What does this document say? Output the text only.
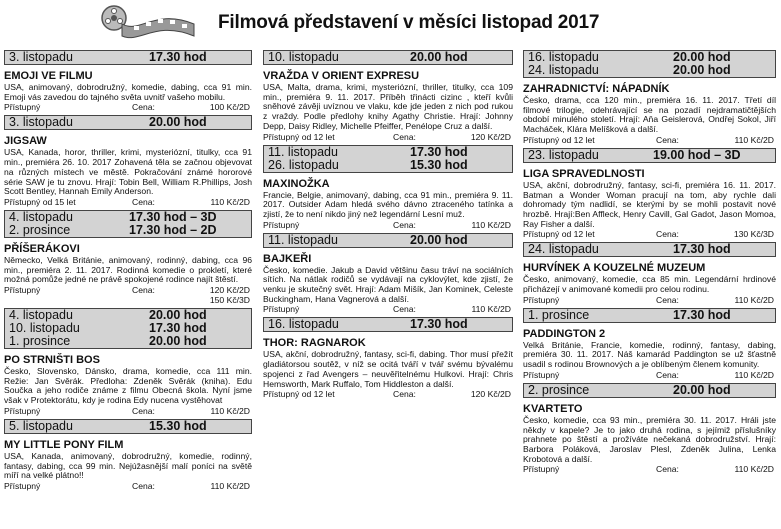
Filmová představení v měsíci listopad 2017
3. listopadu	17.30 hod
EMOJI VE FILMU
USA, animovaný, dobrodružný, komedie, dabing, cca 91 min. Emoji vás zavedou do tajného světa uvnitř vašeho mobilu.
Přístupný	Cena:	100 Kč/2D
3. listopadu	20.00 hod
JIGSAW
USA, Kanada, horor, thriller, krimi, mysteriózní, titulky, cca 91 min., premiéra 26. 10. 2017 Zohavená těla se začnou objevovat na různých místech ve městě. Pokračování známé hororové série SAW je tu znovu. Hrají: Tobin Bell, William R.Phillips, Josh Scott Bentley, Hannah Emily Anderson.
Přístupný od 15 let	Cena:	110 Kč/2D
4. listopadu	17.30 hod – 3D
2. prosince	17.30 hod – 2D
PŘÍŠERÁKOVI
Německo, Velká Británie, animovaný, rodinný, dabing, cca 96 min., premiéra 2. 11. 2017. Rodinná komedie o prokletí, které možná pomůže jedné ne právě spokojené rodince najít štěstí.
Přístupný	Cena:	120 Kč/2D
150 Kč/3D
4. listopadu	20.00 hod
10. listopadu	17.30 hod
1. prosince	20.00 hod
PO STRNIŠTI BOS
Česko, Slovensko, Dánsko, drama, komedie, cca 111 min. Režie: Jan Svěrák. Předloha: Zdeněk Svěrák (kniha). Edu Součka a jeho rodiče známe z filmu Obecná škola. Nyní jsme však v Protektorátu, kdy je rodina Edy nucena vystěhovat
Přístupný	Cena:	110 Kč/2D
5. listopadu	15.30 hod
MY LITTLE PONY FILM
USA, Kanada, animovaný, dobrodružný, komedie, rodinný, fantasy, dabing, cca 99 min. Nejúžasnější malí poníci na světě míří na velké plátno!!
Přístupný	Cena:	110 Kč/2D
10. listopadu	20.00 hod
VRAŽDA V ORIENT EXPRESU
USA, Malta, drama, krimi, mysteriózní, thriller, titulky, cca 109 min., premiéra 9. 11. 2017. Příběh třinácti cizinc , kteří kvůli sněhové závěji uvíznou ve vlaku, kde jde jeden z nich pod rukou z vraždy. Podle předlohy knihy Agathy Christie. Hrají: Johnny Depp, Daisy Ridley, Michelle Pfeiffer, Penélope Cruz a další.
Přístupný od 12 let	Cena:	120 Kč/2D
11. listopadu	17.30 hod
26. listopadu	15.30 hod
MAXINOŽKA
Francie, Belgie, animovaný, dabing, cca 91 min., premiéra 9. 11. 2017. Outsider Adam hledá svého dávno ztraceného tatínka a zjistí, že to není nikdo jiný než legendární Lesní muž.
Přístupný	Cena:	110 Kč/2D
11. listopadu	20.00 hod
BAJKEŘI
Česko, komedie. Jakub a David většinu času tráví na sociálních sítích. Na nátlak rodičů se vydávají na cyklovýlet, kde zjistí, že venku je skutečný svět. Hrají: Adam Mišík, Jan Kominek, Celeste Buckingham, Hana Vagnerová a další.
Přístupný	Cena:	110 Kč/2D
16. listopadu	17.30 hod
THOR: RAGNAROK
USA, akční, dobrodružný, fantasy, sci-fi, dabing. Thor musí přežít gladiátorsou soutěž, v níž se ocitá tváří v tvář svému bývalému spojenci z řad Avengers – neuvěřitelnému Hulkovi. Hrají: Chris Hemsworth, Mark Ruffalo, Tom Hiddleston a další.
Přístupný od 12 let	Cena:	120 Kč/2D
16. listopadu	20.00 hod
24. listopadu	20.00 hod
ZAHRADNICTVÍ: NÁPADNÍK
Česko, drama, cca 120 min., premiéra 16. 11. 2017. Třetí díl filmové trilogie, odehrávající se na pozadí nejdramatičtějších období minulého století. Hrají: Aňa Geislerová, Ondřej Sokol, Jiří Macháček, Klára Melíšková a další.
Přístupný od 12 let	Cena:	110 Kč/2D
23. listopadu	19.00 hod – 3D
LIGA SPRAVEDLNOSTI
USA, akční, dobrodružný, fantasy, sci-fi, premiéra 16. 11. 2017. Batman a Wonder Woman pracují na tom, aby rychle dali dohromady tým nadlidí, se kterými by se mohli postavit nové hrozbě. Hrají:Ben Affleck, Henry Cavill, Gal Gadot, Jason Momoa, Ray Fisher a další.
Přístupný od 12 let	Cena:	130 Kč/3D
24. listopadu	17.30 hod
HURVÍNEK A KOUZELNÉ MUZEUM
Česko, animovaný, komedie, cca 85 min. Legendární hrdinové přicházejí v animované komedii pro celou rodinu.
Přístupný	Cena:	110 Kč/2D
1. prosince	17.30 hod
PADDINGTON 2
Velká Británie, Francie, komedie, rodinný, fantasy, dabing, premiéra 30. 11. 2017. Náš kamarád Paddington se už šťastně usadil s rodinou Brownových a je oblíbeným členem komunity.
Přístupný	Cena:	110 Kč/2D
2. prosince	20.00 hod
KVARTETO
Česko, komedie, cca 93 min., premiéra 30. 11. 2017. Hráli jste někdy v kapele? Je to jako druhá rodina, s jejímiž příslušníky prahnete po štěstí a prožíváte nečekaná dobrodružství. Hrají: Barbora Poláková, Jaroslav Plesl, Zdeněk Julina, Lenka Krobotová a další.
Přístupný	Cena:	110 Kč/2D
